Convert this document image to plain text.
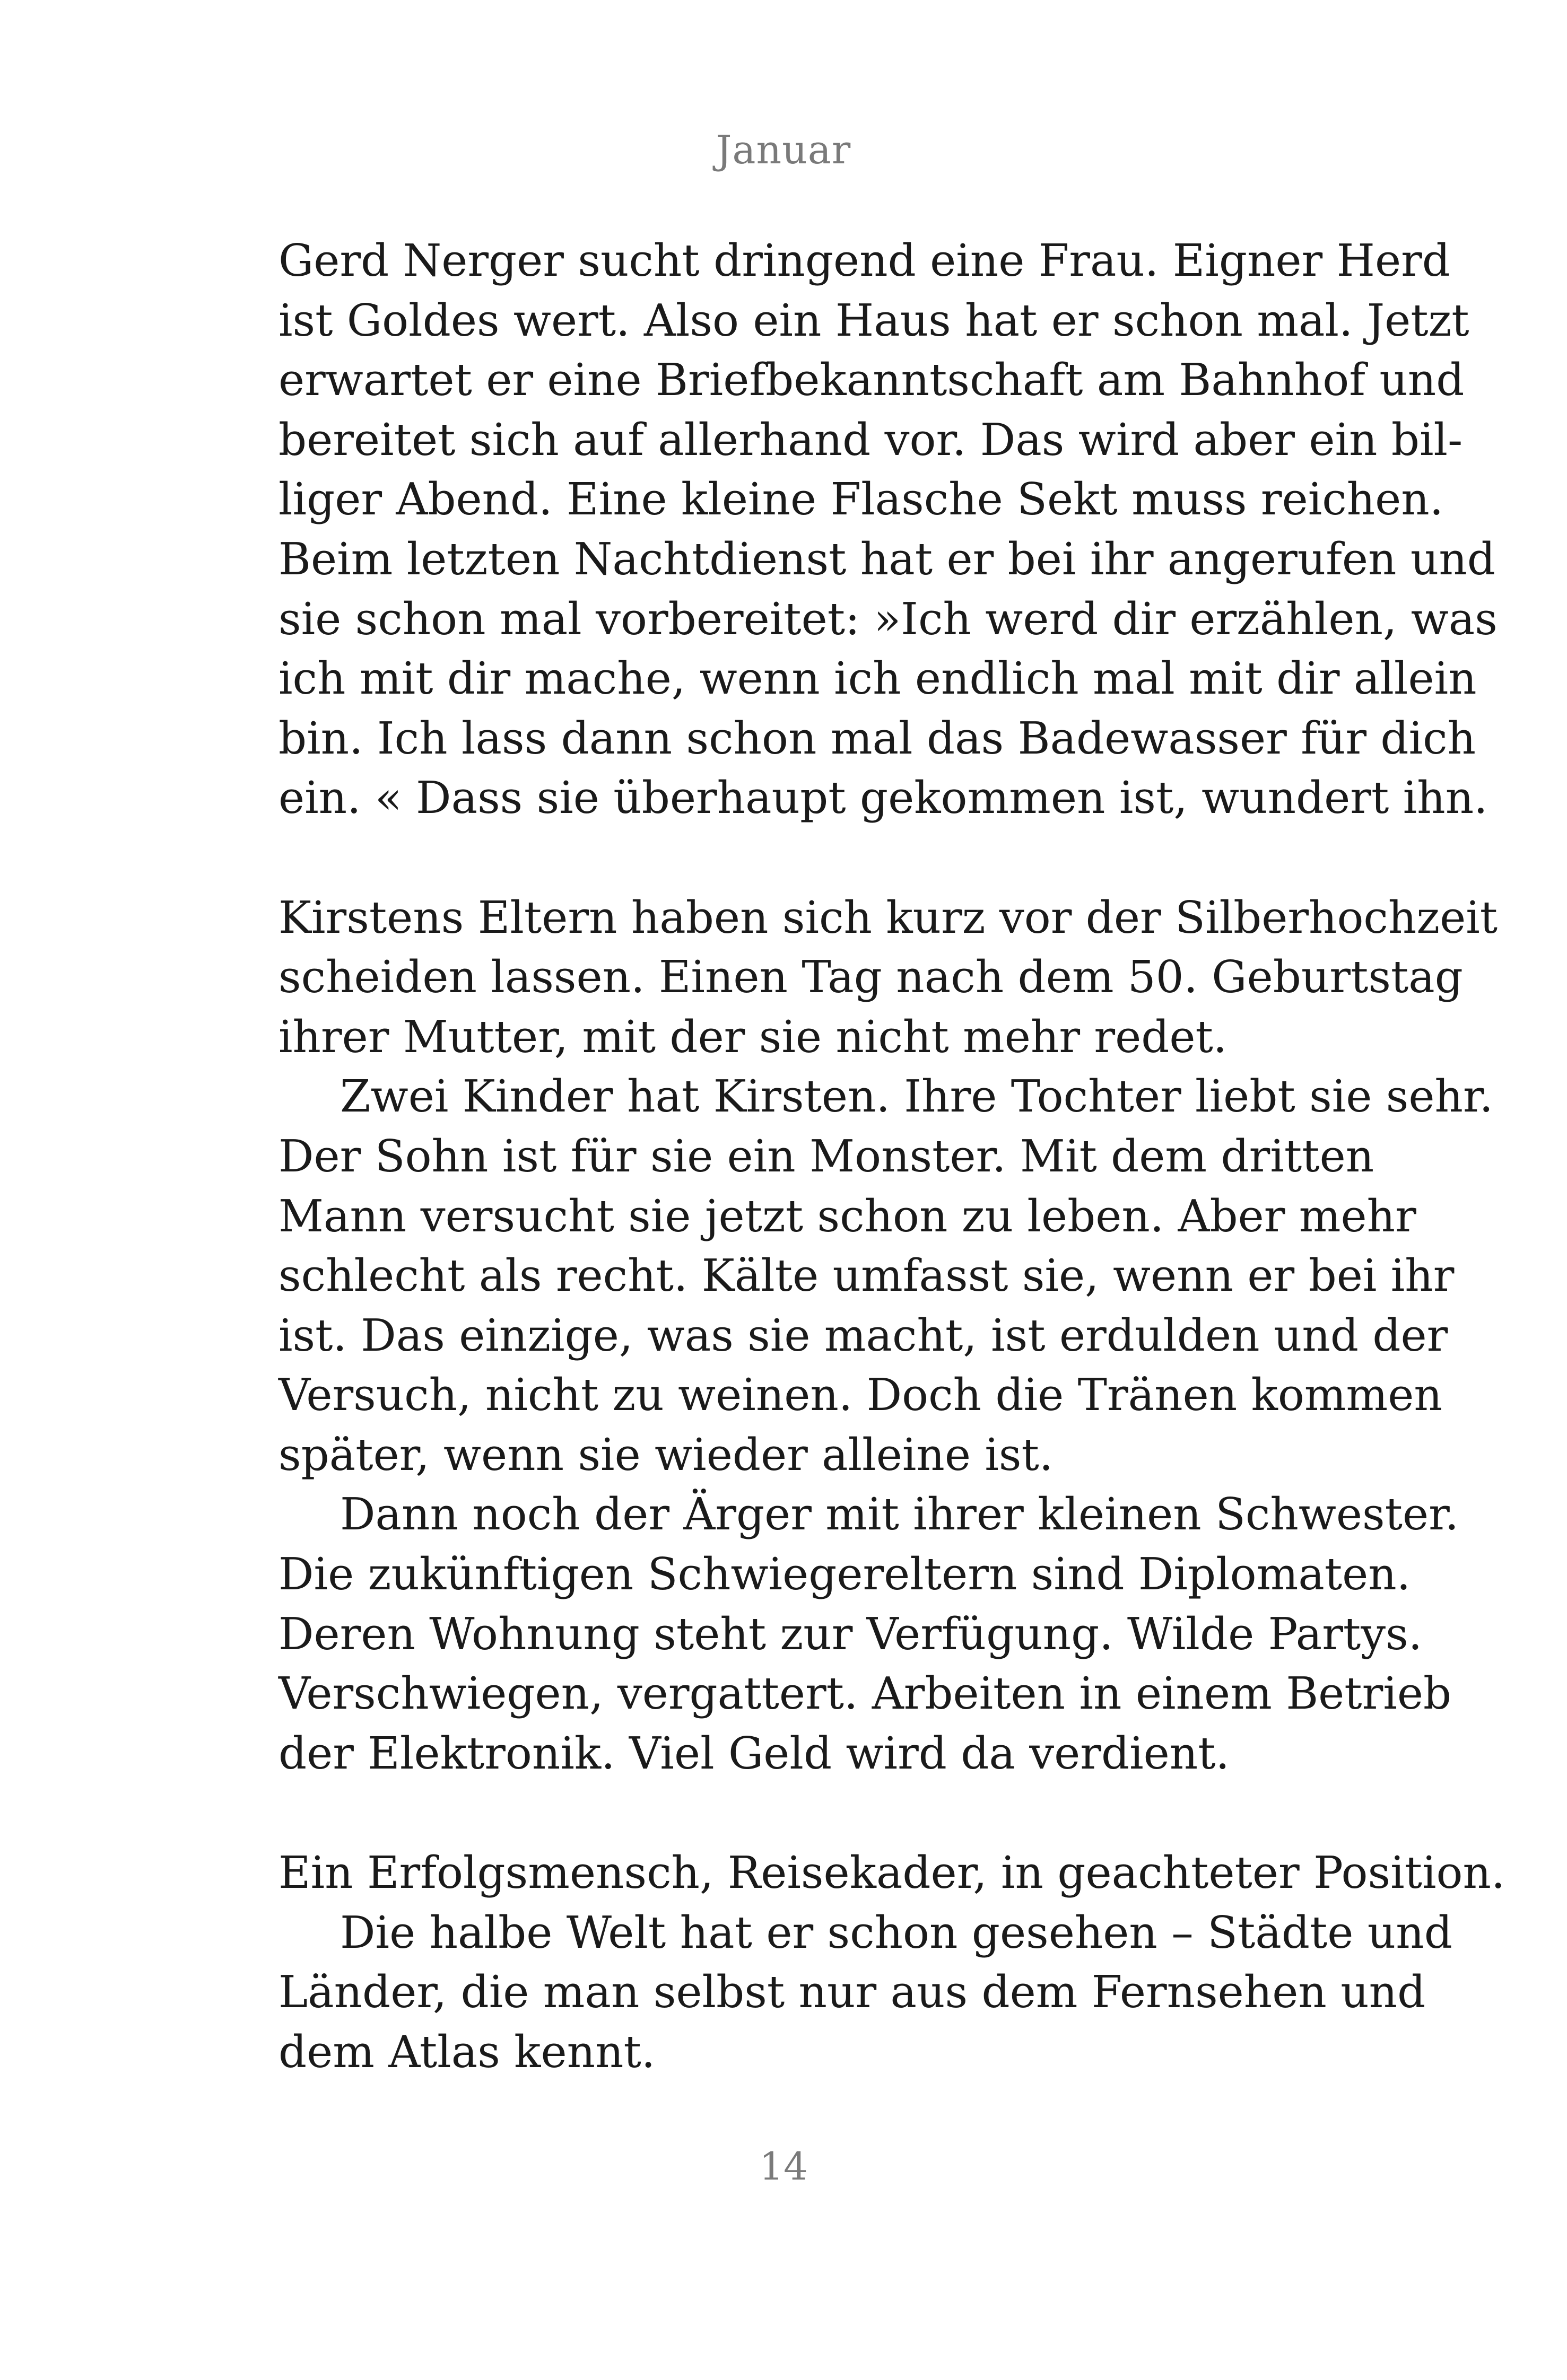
Januar
Gerd Nerger sucht dringend eine Frau. Eigner Herd
ist Goldes wert. Also ein Haus hat er schon mal. Jetzt
erwartet er eine Briefbekanntschaft am Bahnhof und
bereitet sich auf allerhand vor. Das wird aber ein bil-
liger Abend. Eine kleine Flasche Sekt muss reichen.
Beim letzten Nachtdienst hat er bei ihr angerufen und
sie schon mal vorbereitet: »Ich werd dir erzählen, was
ich mit dir mache, wenn ich endlich mal mit dir allein
bin. Ich lass dann schon mal das Badewasser für dich
ein. « Dass sie überhaupt gekommen ist, wundert ihn.
Kirstens Eltern haben sich kurz vor der Silberhochzeit
scheiden lassen. Einen Tag nach dem 50. Geburtstag
ihrer Mutter, mit der sie nicht mehr redet.
Zwei Kinder hat Kirsten. Ihre Tochter liebt sie sehr.
Der Sohn ist für sie ein Monster. Mit dem dritten
Mann versucht sie jetzt schon zu leben. Aber mehr
schlecht als recht. Kälte umfasst sie, wenn er bei ihr
ist. Das einzige, was sie macht, ist erdulden und der
Versuch, nicht zu weinen. Doch die Tränen kommen
später, wenn sie wieder alleine ist.
Dann noch der Ärger mit ihrer kleinen Schwester.
Die zukünftigen Schwiegereltern sind Diplomaten.
Deren Wohnung steht zur Verfügung. Wilde Partys.
Verschwiegen, vergattert. Arbeiten in einem Betrieb
der Elektronik. Viel Geld wird da verdient.
Ein Erfolgsmensch, Reisekader, in geachteter Position.
Die halbe Welt hat er schon gesehen – Städte und
Länder, die man selbst nur aus dem Fernsehen und
dem Atlas kennt.
14
